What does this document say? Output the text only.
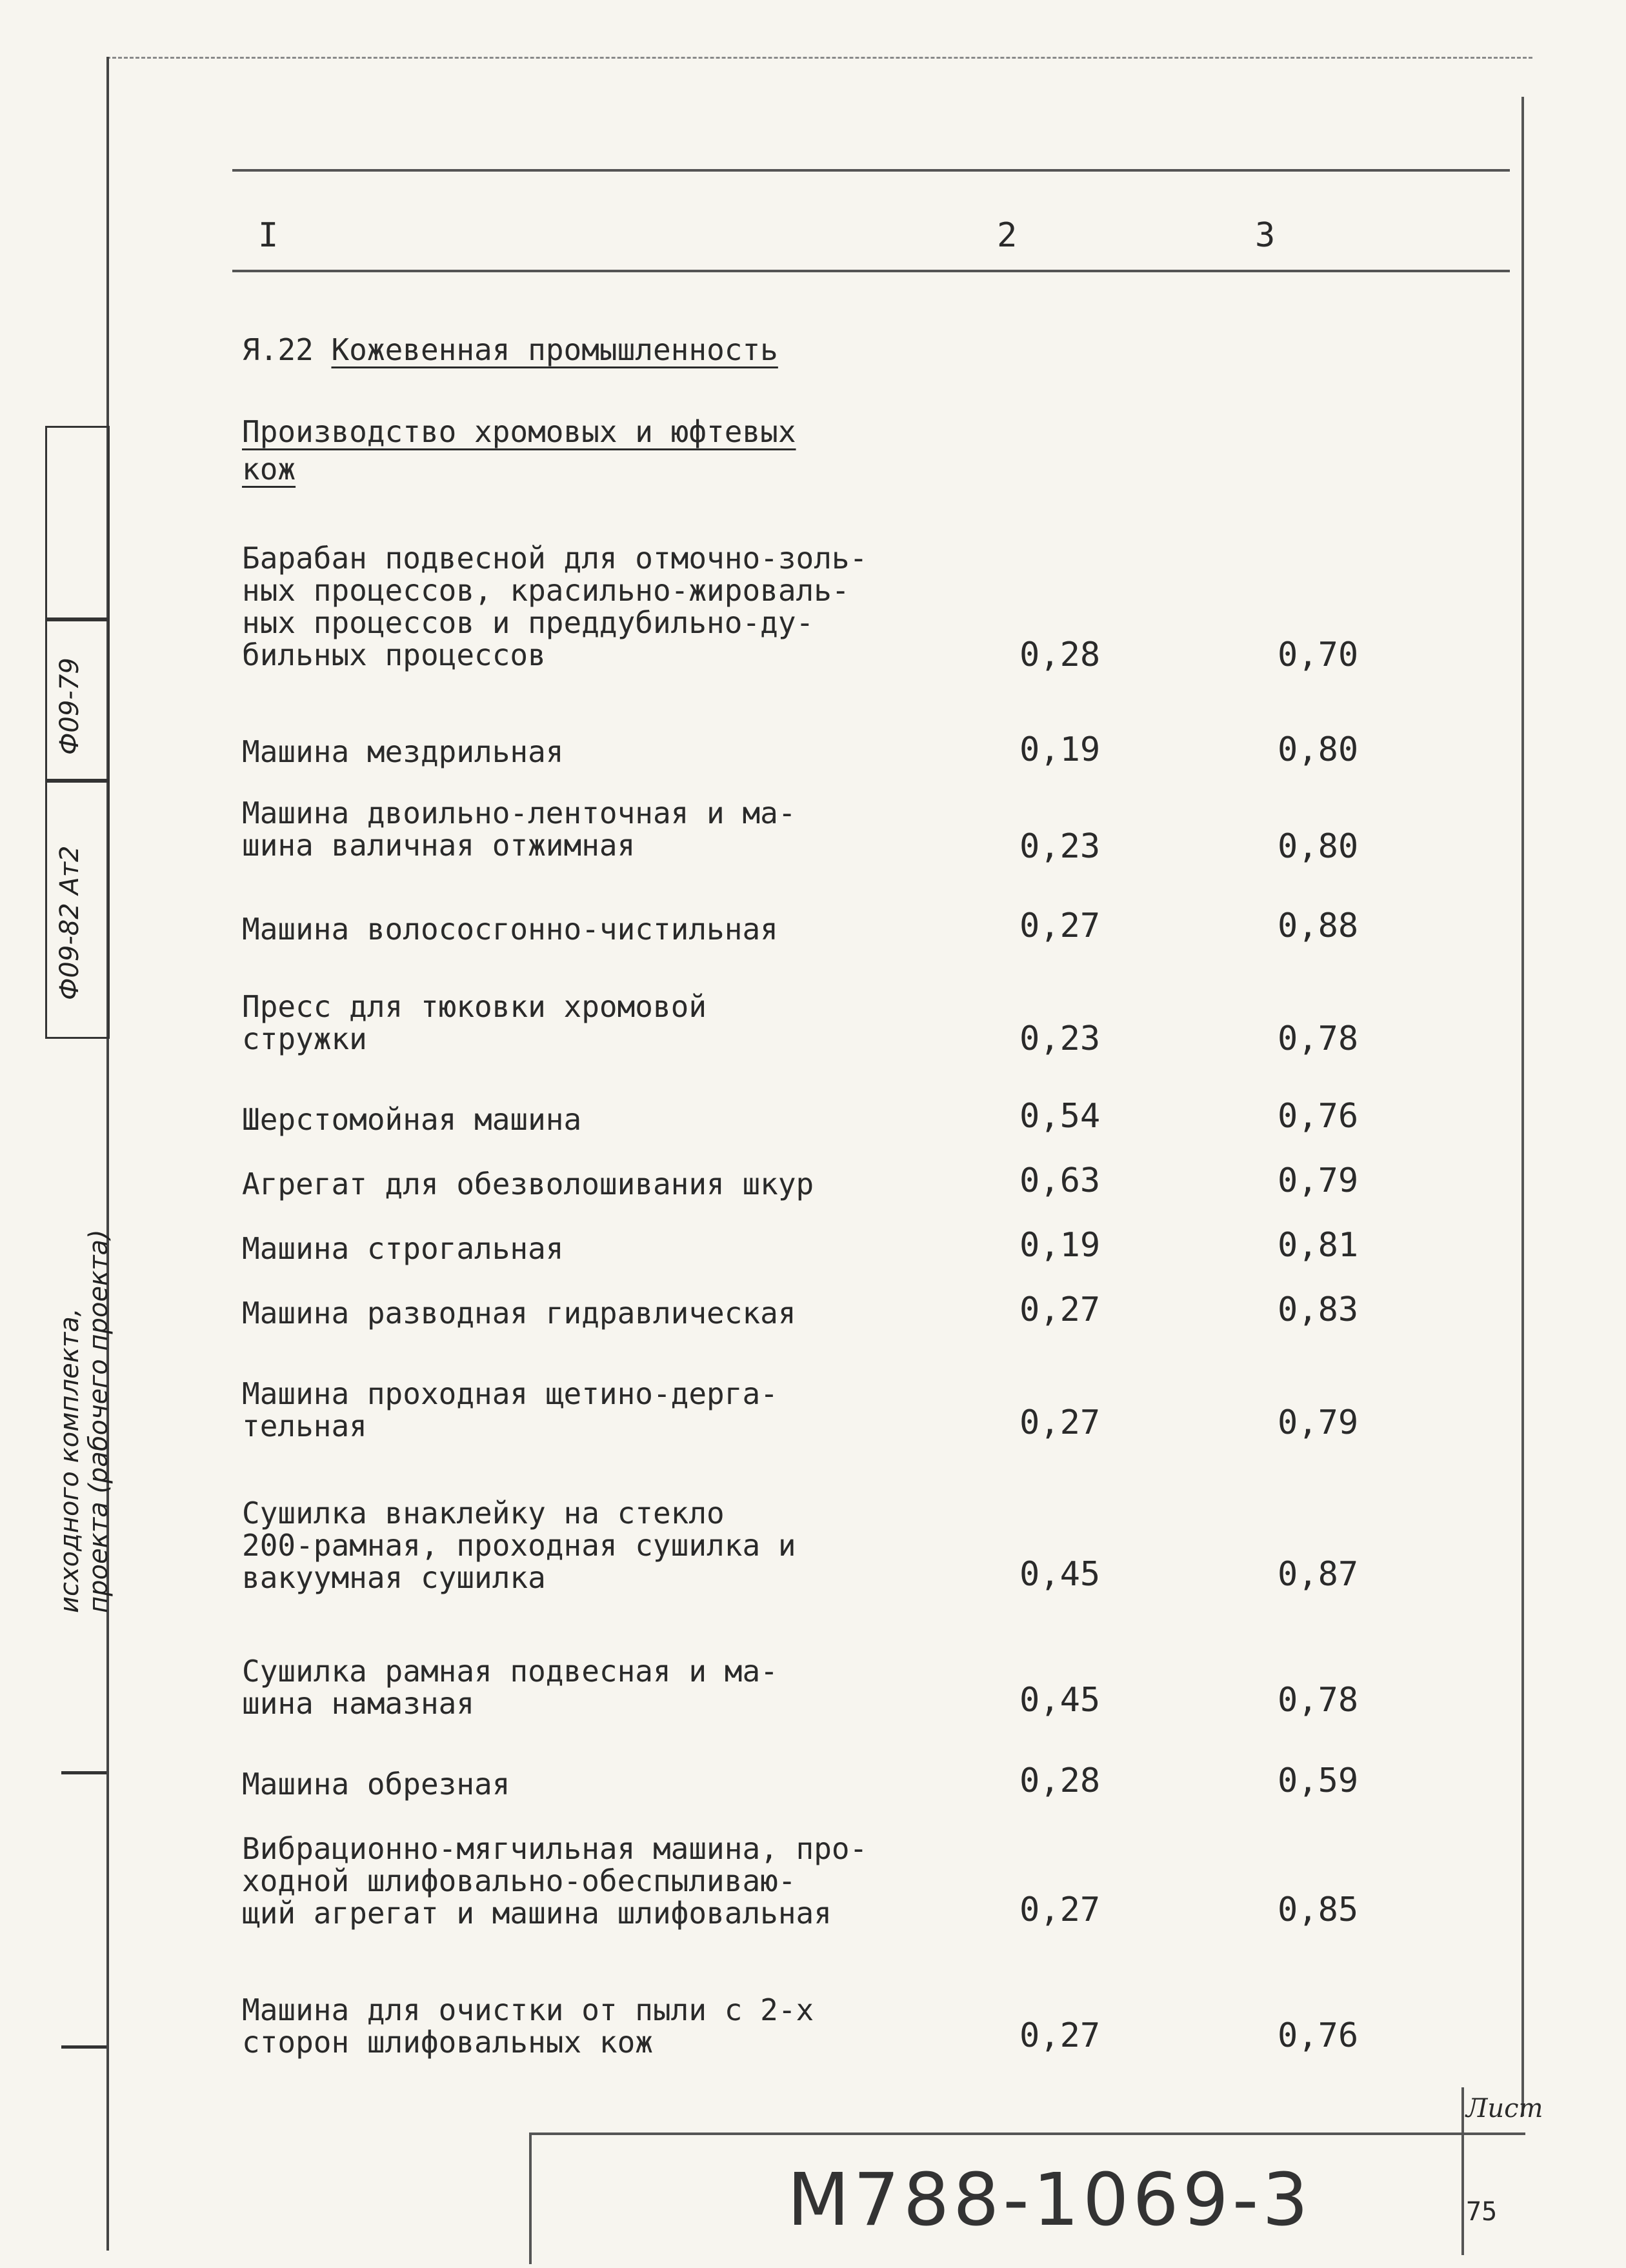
I	2	3
Я.22 Кожевенная промышленность
Производство хромовых и юфтевых кож
Барабан подвесной для отмочно-золь-
ных процессов, красильно-жироваль-
ных процессов и преддубильно-ду-
бильных процессов	0,28	0,70
Машина мездрильная	0,19	0,80
Машина двоильно-ленточная и ма-
шина валичная отжимная	0,23	0,80
Машина волососгонно-чистильная	0,27	0,88
Пресс для тюковки хромовой
стружки	0,23	0,78
Шерстомойная машина	0,54	0,76
Агрегат для обезволошивания шкур	0,63	0,79
Машина строгальная	0,19	0,81
Машина разводная гидравлическая	0,27	0,83
Машина проходная щетино-дерга-
тельная	0,27	0,79
Сушилка внаклейку на стекло
200-рамная, проходная сушилка и
вакуумная сушилка	0,45	0,87
Сушилка рамная подвесная и ма-
шина намазная	0,45	0,78
Машина обрезная	0,28	0,59
Вибрационно-мягчильная машина, про-
ходной шлифовально-обеспыливаю-
щий агрегат и машина шлифовальная	0,27	0,85
Машина для очистки от пыли с 2-х
сторон шлифовальных кож	0,27	0,76
Ф09-82 Ат2
Ф09-79
исходного комплекта, проекта (рабочего проекта)
М788-1069-3
Лист
75
